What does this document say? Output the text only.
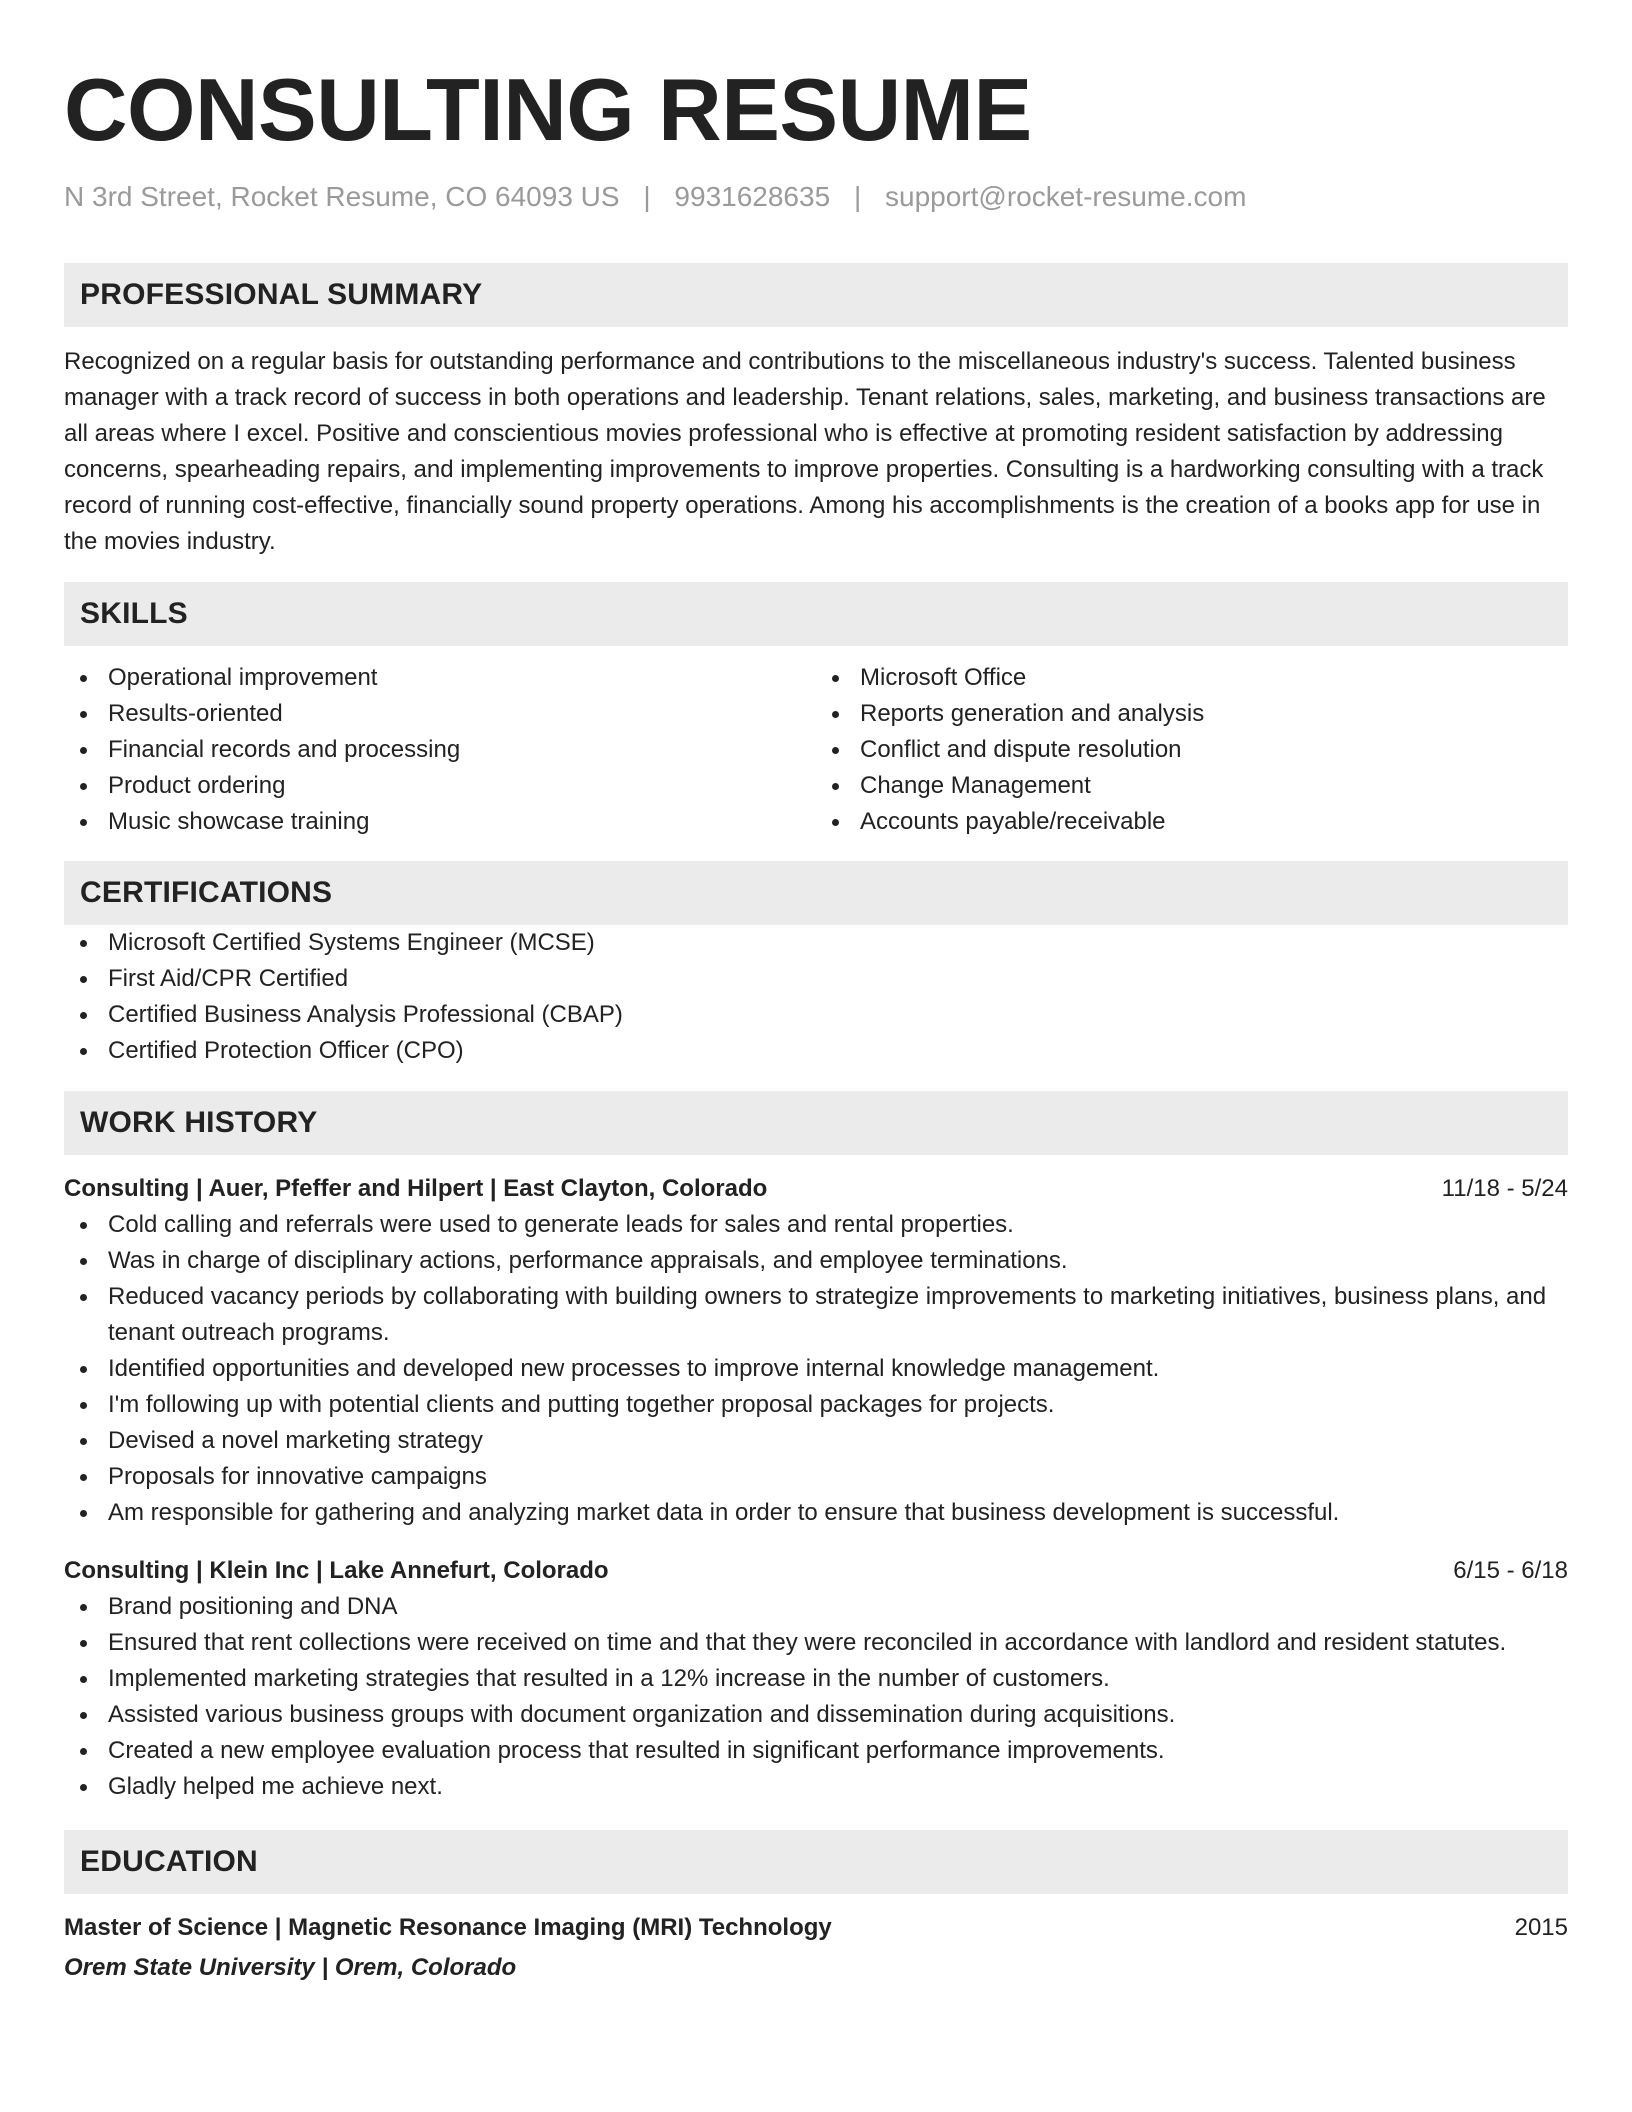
CONSULTING RESUME
N 3rd Street, Rocket Resume, CO 64093 US | 9931628635 | support@rocket-resume.com
PROFESSIONAL SUMMARY

Recognized on a regular basis for outstanding performance and contributions to the miscellaneous industry's success. Talented business manager with a track record of success in both operations and leadership. Tenant relations, sales, marketing, and business transactions are all areas where I excel. Positive and conscientious movies professional who is effective at promoting resident satisfaction by addressing concerns, spearheading repairs, and implementing improvements to improve properties. Consulting is a hardworking consulting with a track record of running cost-effective, financially sound property operations. Among his accomplishments is the creation of a books app for use in the movies industry.

SKILLS
Operational improvement
Results-oriented
Financial records and processing
Product ordering
Music showcase training
Microsoft Office
Reports generation and analysis
Conflict and dispute resolution
Change Management
Accounts payable/receivable
CERTIFICATIONS
Microsoft Certified Systems Engineer (MCSE)
First Aid/CPR Certified
Certified Business Analysis Professional (CBAP)
Certified Protection Officer (CPO)
WORK HISTORY
Consulting | Auer, Pfeffer and Hilpert | East Clayton, Colorado	11/18 - 5/24
Cold calling and referrals were used to generate leads for sales and rental properties.
Was in charge of disciplinary actions, performance appraisals, and employee terminations.
Reduced vacancy periods by collaborating with building owners to strategize improvements to marketing initiatives, business plans, and tenant outreach programs.
Identified opportunities and developed new processes to improve internal knowledge management.
I'm following up with potential clients and putting together proposal packages for projects.
Devised a novel marketing strategy
Proposals for innovative campaigns
Am responsible for gathering and analyzing market data in order to ensure that business development is successful.
Consulting | Klein Inc | Lake Annefurt, Colorado	6/15 - 6/18
Brand positioning and DNA
Ensured that rent collections were received on time and that they were reconciled in accordance with landlord and resident statutes.
Implemented marketing strategies that resulted in a 12% increase in the number of customers.
Assisted various business groups with document organization and dissemination during acquisitions.
Created a new employee evaluation process that resulted in significant performance improvements.
Gladly helped me achieve next.
EDUCATION
Master of Science | Magnetic Resonance Imaging (MRI) Technology	2015
Orem State University | Orem, Colorado
